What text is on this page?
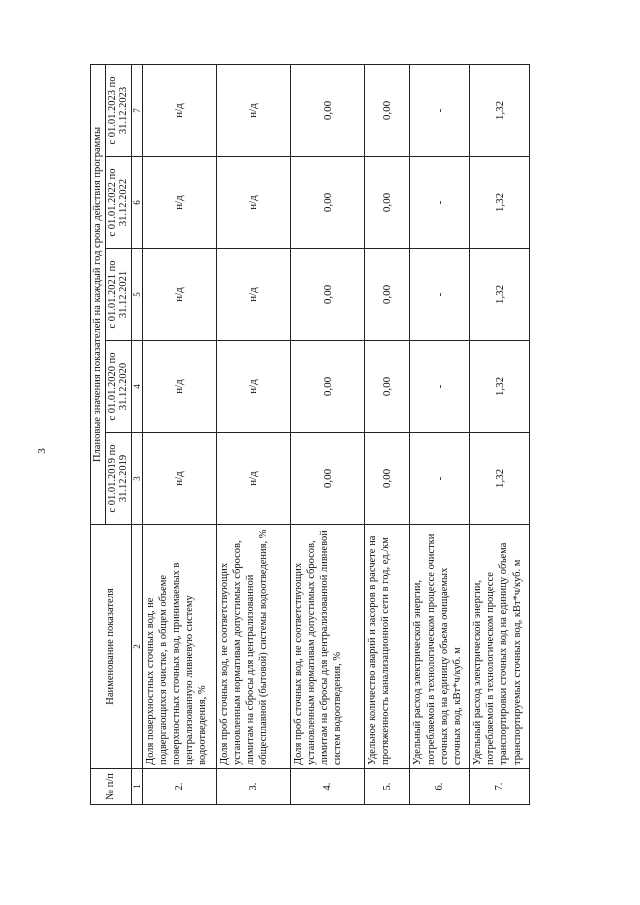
3
№ п/п	Наименование показателя	Плановые значения показателей на каждый год срока действия программы				
		с 01.01.2019 по 31.12.2019	с 01.01.2020 по 31.12.2020	с 01.01.2021 по 31.12.2021	с 01.01.2022 по 31.12.2022	с 01.01.2023 по 31.12.2023
1	2	3	4	5	6	7
2.	Доля поверхностных сточных вод, не подвергающихся очистке, в общем объеме поверхностных сточных вод, принимаемых в централизованную ливневую систему водоотведения, %	н/д	н/д	н/д	н/д	н/д
3.	Доля проб сточных вод, не соответствующих установленным нормативам допустимых сбросов, лимитам на сбросы для централизованной общесплавной (бытовой) системы водоотведения, %	н/д	н/д	н/д	н/д	н/д
4.	Доля проб сточных вод, не соответствующих установленным нормативам допустимых сбросов, лимитам на сбросы для централизованной ливневой систем водоотведения, %	0,00	0,00	0,00	0,00	0,00
5.	Удельное количество аварий и засоров в расчете на протяженность канализационной сети в год, ед./км	0,00	0,00	0,00	0,00	0,00
6.	Удельный расход электрической энергии, потребляемой в технологическом процессе очистки сточных вод на единицу объема очищаемых сточных вод, кВт*ч/куб. м	-	-	-	-	-
7.	Удельный расход электрической энергии, потребляемой в технологическом процессе транспортировки сточных вод на единицу объема транспортируемых сточных вод, кВт*ч/куб. м	1,32	1,32	1,32	1,32	1,32
